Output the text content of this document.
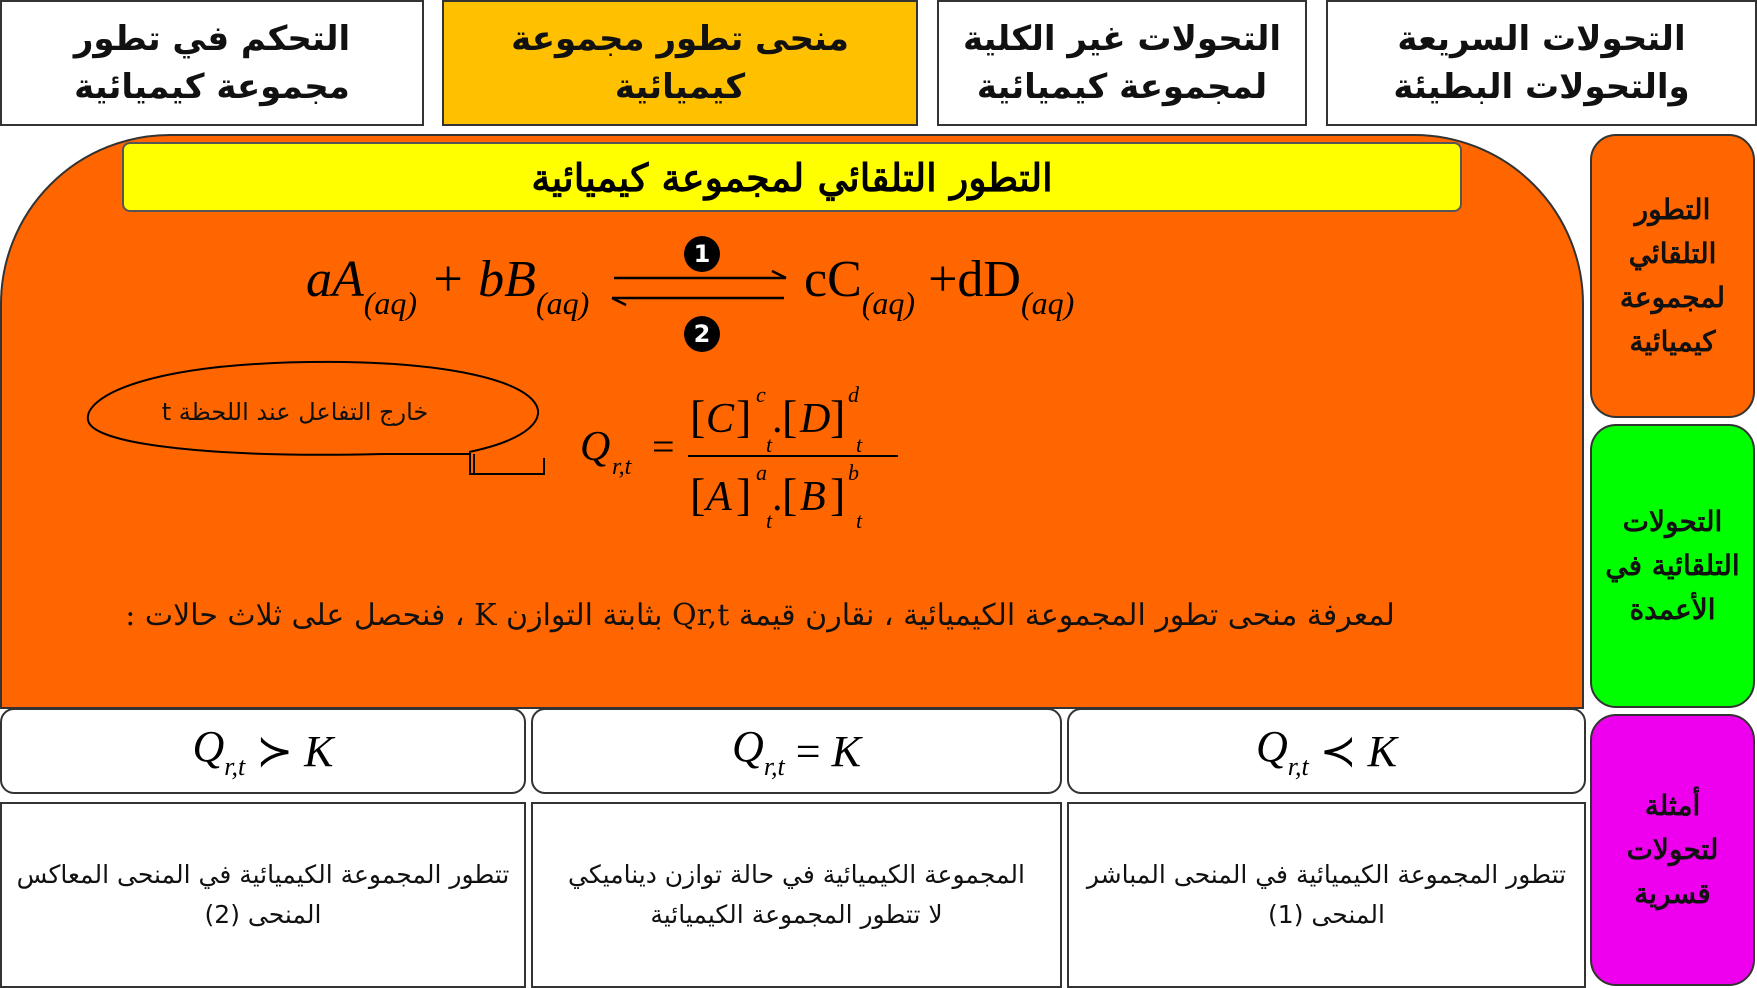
التحكم في تطور مجموعة كيميائية
منحى تطور مجموعة كيميائية
التحولات غير الكلية لمجموعة كيميائية
التحولات السريعة والتحولات البطيئة
التطور التلقائي لمجموعة كيميائية
التحولات التلقائية في الأعمدة
أمثلة لتحولات قسرية
التطور التلقائي لمجموعة كيميائية
$aA_{(aq)} + bB_{(aq)}$
1
2
$cC_{(aq)} +dD_{(aq)}$
خارج التفاعل عند اللحظة t
Q r,t =
[ C ] c
t
. [ D ] d
t
[ A ] a
t
. [ B ] b
t
لمعرفة منحى تطور المجموعة الكيميائية ، نقارن قيمة Qr,t بثابتة التوازن K ، فنحصل على ثلاث حالات :
$Q_{r,t}$ ≻ K	$Q_{r,t} = K$	$Q_{r,t}$ ≺ K
تتطور المجموعة الكيميائية في المنحى المعاكس
المنحى (2)
المجموعة الكيميائية في حالة توازن ديناميكي
لا تتطور المجموعة الكيميائية
تتطور المجموعة الكيميائية في المنحى المباشر
المنحى (1)
